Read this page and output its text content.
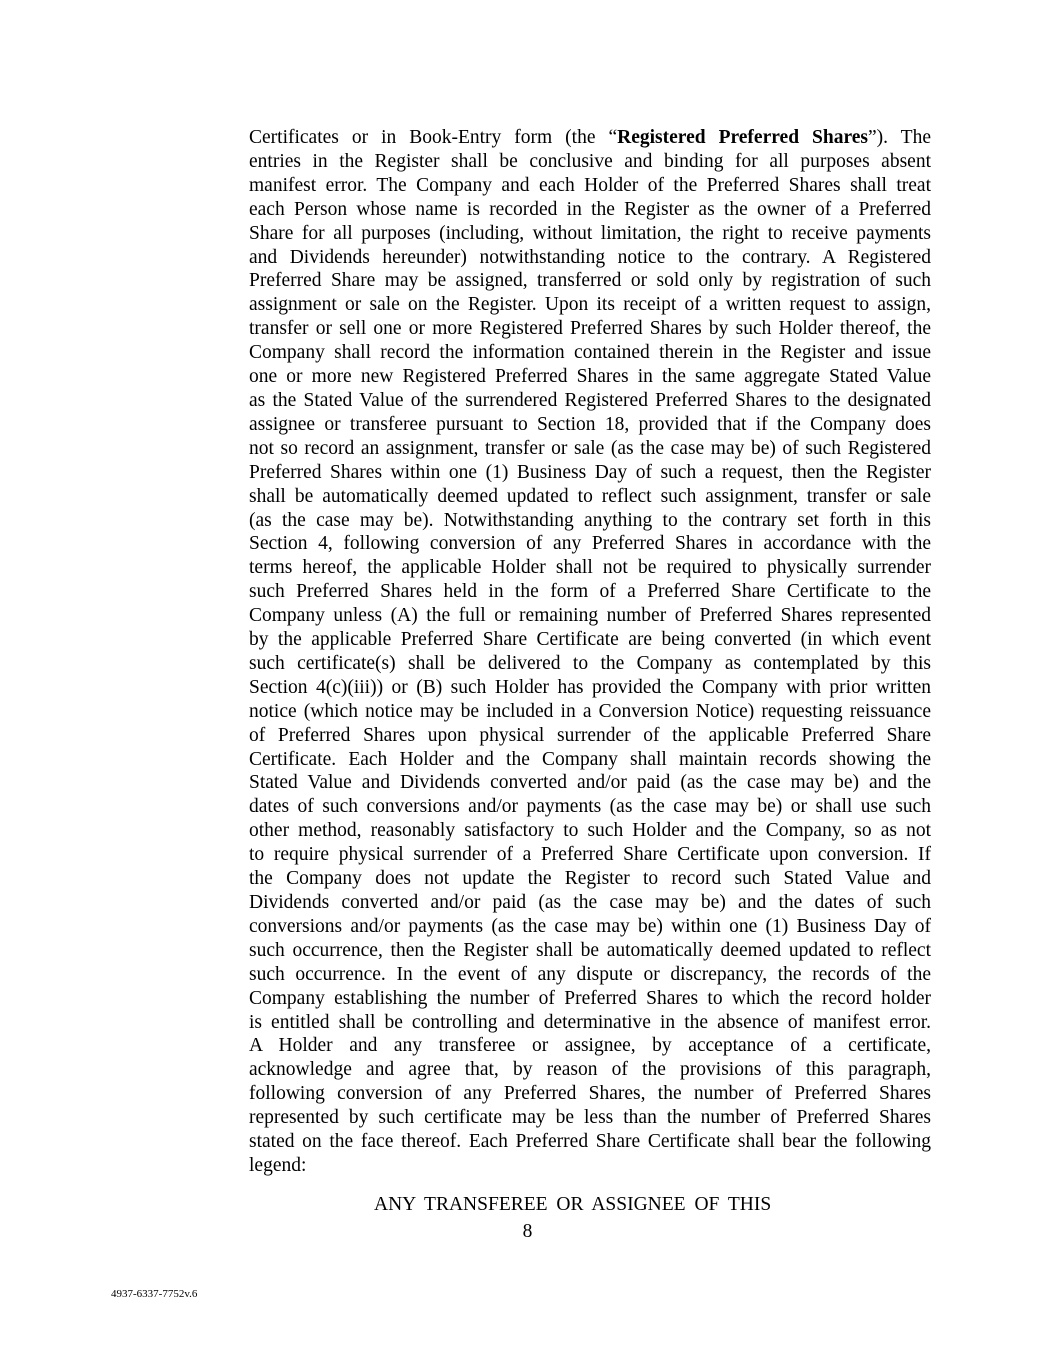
Certificates or in Book-Entry form (the “Registered Preferred Shares”). The
entries in the Register shall be conclusive and binding for all purposes absent
manifest error. The Company and each Holder of the Preferred Shares shall treat
each Person whose name is recorded in the Register as the owner of a Preferred
Share for all purposes (including, without limitation, the right to receive payments
and Dividends hereunder) notwithstanding notice to the contrary. A Registered
Preferred Share may be assigned, transferred or sold only by registration of such
assignment or sale on the Register. Upon its receipt of a written request to assign,
transfer or sell one or more Registered Preferred Shares by such Holder thereof, the
Company shall record the information contained therein in the Register and issue
one or more new Registered Preferred Shares in the same aggregate Stated Value
as the Stated Value of the surrendered Registered Preferred Shares to the designated
assignee or transferee pursuant to Section 18, provided that if the Company does
not so record an assignment, transfer or sale (as the case may be) of such Registered
Preferred Shares within one (1) Business Day of such a request, then the Register
shall be automatically deemed updated to reflect such assignment, transfer or sale
(as the case may be). Notwithstanding anything to the contrary set forth in this
Section 4, following conversion of any Preferred Shares in accordance with the
terms hereof, the applicable Holder shall not be required to physically surrender
such Preferred Shares held in the form of a Preferred Share Certificate to the
Company unless (A) the full or remaining number of Preferred Shares represented
by the applicable Preferred Share Certificate are being converted (in which event
such certificate(s) shall be delivered to the Company as contemplated by this
Section 4(c)(iii)) or (B) such Holder has provided the Company with prior written
notice (which notice may be included in a Conversion Notice) requesting reissuance
of Preferred Shares upon physical surrender of the applicable Preferred Share
Certificate. Each Holder and the Company shall maintain records showing the
Stated Value and Dividends converted and/or paid (as the case may be) and the
dates of such conversions and/or payments (as the case may be) or shall use such
other method, reasonably satisfactory to such Holder and the Company, so as not
to require physical surrender of a Preferred Share Certificate upon conversion. If
the Company does not update the Register to record such Stated Value and
Dividends converted and/or paid (as the case may be) and the dates of such
conversions and/or payments (as the case may be) within one (1) Business Day of
such occurrence, then the Register shall be automatically deemed updated to reflect
such occurrence. In the event of any dispute or discrepancy, the records of the
Company establishing the number of Preferred Shares to which the record holder
is entitled shall be controlling and determinative in the absence of manifest error.
A Holder and any transferee or assignee, by acceptance of a certificate,
acknowledge and agree that, by reason of the provisions of this paragraph,
following conversion of any Preferred Shares, the number of Preferred Shares
represented by such certificate may be less than the number of Preferred Shares
stated on the face thereof. Each Preferred Share Certificate shall bear the following
legend:

ANY TRANSFEREE OR ASSIGNEE OF THIS

8

4937-6337-7752v.6
